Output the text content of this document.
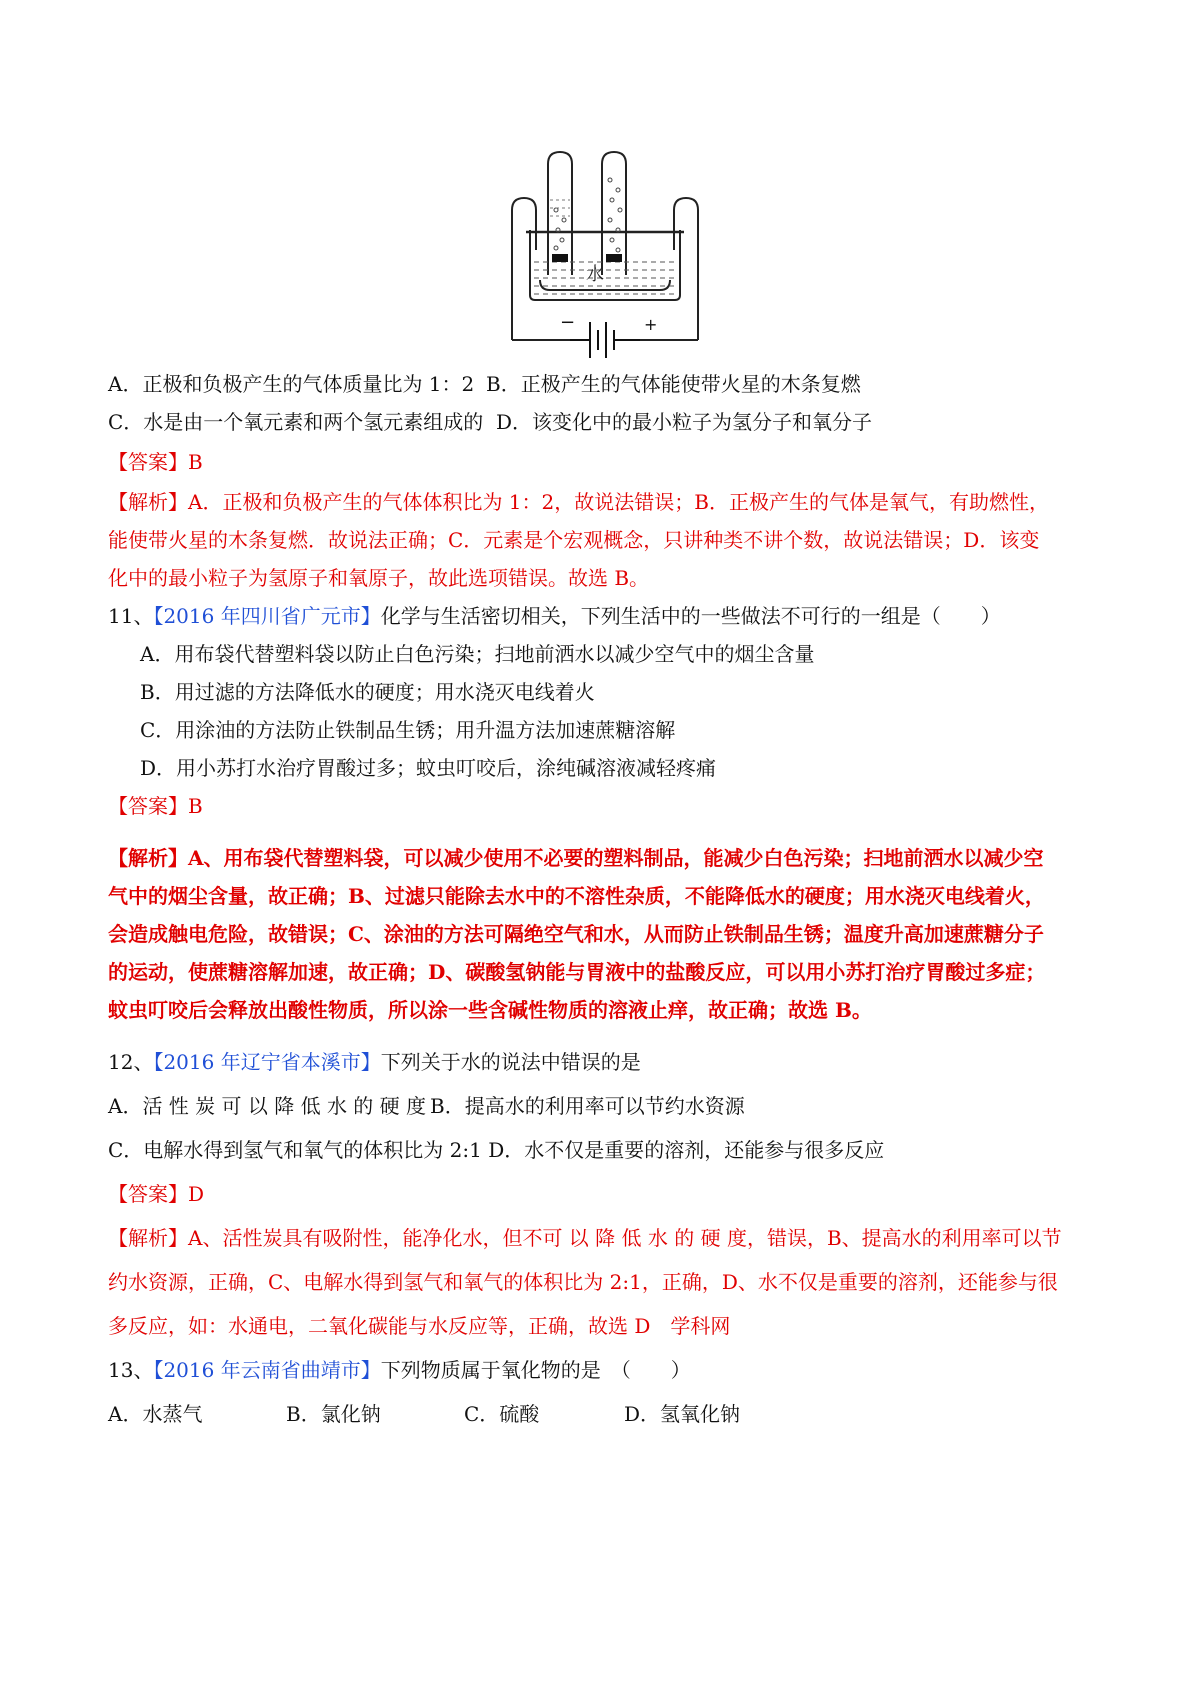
水
−	+
A．正极和负极产生的气体质量比为 1：2 B．正极产生的气体能使带火星的木条复燃
C．水是由一个氧元素和两个氢元素组成的 D．该变化中的最小粒子为氢分子和氧分子
【答案】B
【解析】A．正极和负极产生的气体体积比为 1：2，故说法错误；B．正极产生的气体是氧气，有助燃性，
能使带火星的木条复燃．故说法正确；C．元素是个宏观概念，只讲种类不讲个数，故说法错误；D．该变
化中的最小粒子为氢原子和氧原子，故此选项错误。故选 B。
11、【2016 年四川省广元市】化学与生活密切相关，下列生活中的一些做法不可行的一组是（　　）
A．用布袋代替塑料袋以防止白色污染；扫地前洒水以减少空气中的烟尘含量
B．用过滤的方法降低水的硬度；用水浇灭电线着火
C．用涂油的方法防止铁制品生锈；用升温方法加速蔗糖溶解
D．用小苏打水治疗胃酸过多；蚊虫叮咬后，涂纯碱溶液减轻疼痛
【答案】B
【解析】A、用布袋代替塑料袋，可以减少使用不必要的塑料制品，能减少白色污染；扫地前洒水以减少空
气中的烟尘含量，故正确；B、过滤只能除去水中的不溶性杂质，不能降低水的硬度；用水浇灭电线着火，
会造成触电危险，故错误；C、涂油的方法可隔绝空气和水，从而防止铁制品生锈；温度升高加速蔗糖分子
的运动，使蔗糖溶解加速，故正确；D、碳酸氢钠能与胃液中的盐酸反应，可以用小苏打治疗胃酸过多症；
蚊虫叮咬后会释放出酸性物质，所以涂一些含碱性物质的溶液止痒，故正确；故选 B。
12、【2016 年辽宁省本溪市】下列关于水的说法中错误的是
A．活 性 炭 可 以 降 低 水 的 硬 度 B．提高水的利用率可以节约水资源
C．电解水得到氢气和氧气的体积比为 2:1 D．水不仅是重要的溶剂，还能参与很多反应
【答案】D
【解析】A、活性炭具有吸附性，能净化水，但不可 以 降 低 水 的 硬 度，错误，B、提高水的利用率可以节
约水资源，正确，C、电解水得到氢气和氧气的体积比为 2:1，正确，D、水不仅是重要的溶剂，还能参与很
多反应，如：水通电，二氧化碳能与水反应等，正确，故选 D　学科网
13、【2016 年云南省曲靖市】下列物质属于氧化物的是　（　　）
A．水蒸气	B．氯化钠	C．硫酸	D．氢氧化钠
